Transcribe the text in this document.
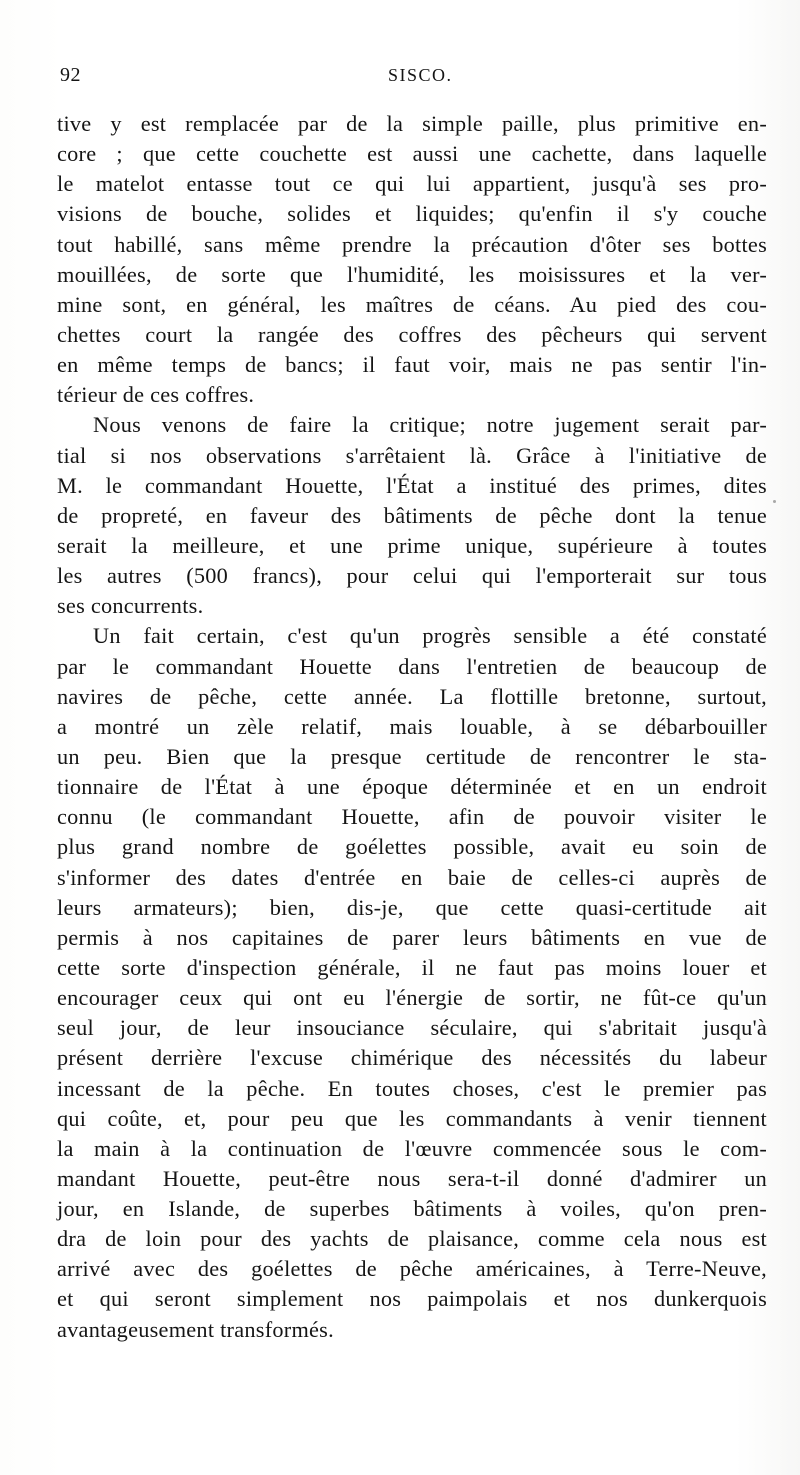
92	SISCO.
tive y est remplacée par de la simple paille, plus primitive en-
core ; que cette couchette est aussi une cachette, dans laquelle
le matelot entasse tout ce qui lui appartient, jusqu'à ses pro-
visions de bouche, solides et liquides; qu'enfin il s'y couche
tout habillé, sans même prendre la précaution d'ôter ses bottes
mouillées, de sorte que l'humidité, les moisissures et la ver-
mine sont, en général, les maîtres de céans. Au pied des cou-
chettes court la rangée des coffres des pêcheurs qui servent
en même temps de bancs; il faut voir, mais ne pas sentir l'in-
térieur de ces coffres.
Nous venons de faire la critique; notre jugement serait par-
tial si nos observations s'arrêtaient là. Grâce à l'initiative de
M. le commandant Houette, l'État a institué des primes, dites
de propreté, en faveur des bâtiments de pêche dont la tenue
serait la meilleure, et une prime unique, supérieure à toutes
les autres (500 francs), pour celui qui l'emporterait sur tous
ses concurrents.
Un fait certain, c'est qu'un progrès sensible a été constaté
par le commandant Houette dans l'entretien de beaucoup de
navires de pêche, cette année. La flottille bretonne, surtout,
a montré un zèle relatif, mais louable, à se débarbouiller
un peu. Bien que la presque certitude de rencontrer le sta-
tionnaire de l'État à une époque déterminée et en un endroit
connu (le commandant Houette, afin de pouvoir visiter le
plus grand nombre de goélettes possible, avait eu soin de
s'informer des dates d'entrée en baie de celles-ci auprès de
leurs armateurs); bien, dis-je, que cette quasi-certitude ait
permis à nos capitaines de parer leurs bâtiments en vue de
cette sorte d'inspection générale, il ne faut pas moins louer et
encourager ceux qui ont eu l'énergie de sortir, ne fût-ce qu'un
seul jour, de leur insouciance séculaire, qui s'abritait jusqu'à
présent derrière l'excuse chimérique des nécessités du labeur
incessant de la pêche. En toutes choses, c'est le premier pas
qui coûte, et, pour peu que les commandants à venir tiennent
la main à la continuation de l'œuvre commencée sous le com-
mandant Houette, peut-être nous sera-t-il donné d'admirer un
jour, en Islande, de superbes bâtiments à voiles, qu'on pren-
dra de loin pour des yachts de plaisance, comme cela nous est
arrivé avec des goélettes de pêche américaines, à Terre-Neuve,
et qui seront simplement nos paimpolais et nos dunkerquois
avantageusement transformés.
